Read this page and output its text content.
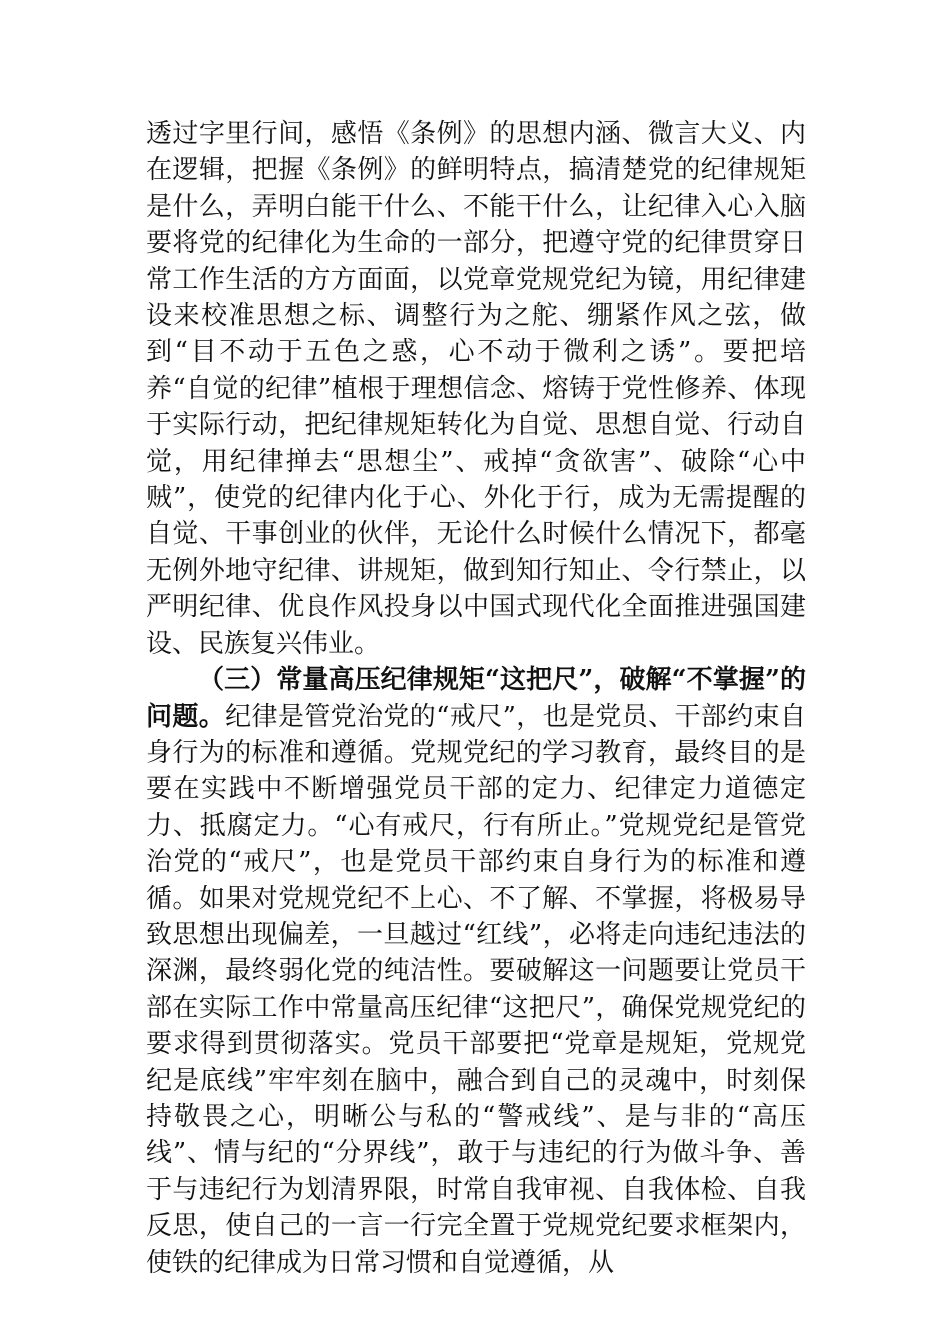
透过字里行间，感悟《条例》的思想内涵、微言大义、内在逻辑，把握《条例》的鲜明特点，搞清楚党的纪律规矩是什么，弄明白能干什么、不能干什么，让纪律入心入脑要将党的纪律化为生命的一部分，把遵守党的纪律贯穿日常工作生活的方方面面，以党章党规党纪为镜，用纪律建设来校准思想之标、调整行为之舵、绷紧作风之弦，做到“目不动于五色之惑，心不动于微利之诱”。要把培养“自觉的纪律”植根于理想信念、熔铸于党性修养、体现于实际行动，把纪律规矩转化为自觉、思想自觉、行动自觉，用纪律掸去“思想尘”、戒掉“贪欲害”、破除“心中贼”，使党的纪律内化于心、外化于行，成为无需提醒的自觉、干事创业的伙伴，无论什么时候什么情况下，都毫无例外地守纪律、讲规矩，做到知行知止、令行禁止，以严明纪律、优良作风投身以中国式现代化全面推进强国建设、民族复兴伟业。

（三）常量高压纪律规矩“这把尺”，破解“不掌握”的问题。纪律是管党治党的“戒尺”，也是党员、干部约束自身行为的标准和遵循。党规党纪的学习教育，最终目的是要在实践中不断增强党员干部的定力、纪律定力道德定力、抵腐定力。“心有戒尺，行有所止。”党规党纪是管党治党的“戒尺”，也是党员干部约束自身行为的标准和遵循。如果对党规党纪不上心、不了解、不掌握，将极易导致思想出现偏差，一旦越过“红线”，必将走向违纪违法的深渊，最终弱化党的纯洁性。要破解这一问题要让党员干部在实际工作中常量高压纪律“这把尺”，确保党规党纪的要求得到贯彻落实。党员干部要把“党章是规矩，党规党纪是底线”牢牢刻在脑中，融合到自己的灵魂中，时刻保持敬畏之心，明晰公与私的“警戒线”、是与非的“高压线”、情与纪的“分界线”，敢于与违纪的行为做斗争、善于与违纪行为划清界限，时常自我审视、自我体检、自我反思，使自己的一言一行完全置于党规党纪要求框架内，使铁的纪律成为日常习惯和自觉遵循，从
